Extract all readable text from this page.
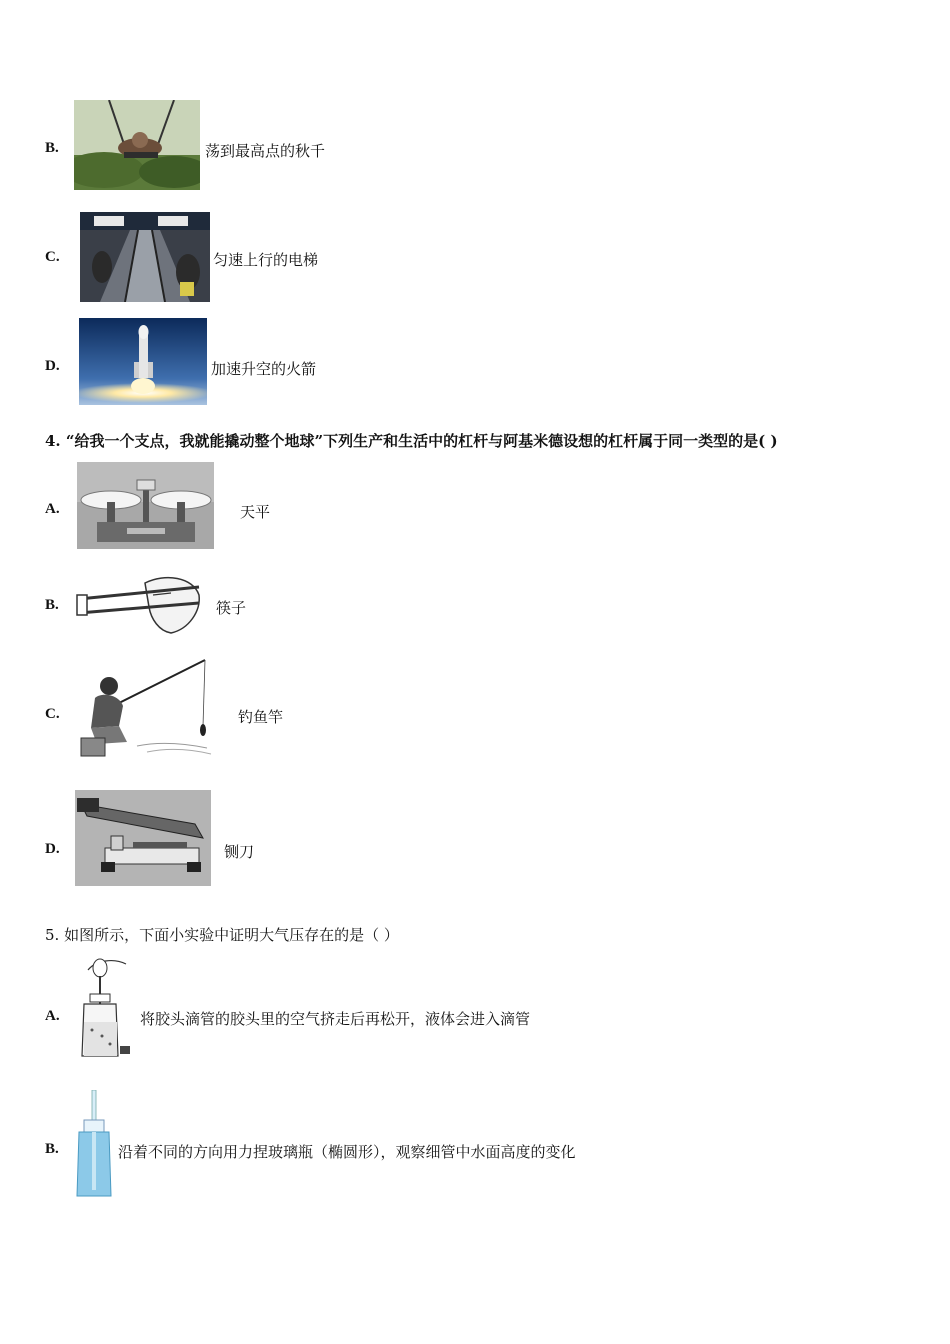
B.	荡到最高点的秋千
C.	匀速上行的电梯
D.	加速升空的火箭
4. “给我一个支点，我就能撬动整个地球”下列生产和生活中的杠杆与阿基米德设想的杠杆属于同一类型的是( )
A.	天平
B.	筷子
C.	钓鱼竿
D.	铡刀
5. 如图所示，下面小实验中证明大气压存在的是（ ）
A.	将胶头滴管的胶头里的空气挤走后再松开，液体会进入滴管
B.	沿着不同的方向用力捏玻璃瓶（椭圆形），观察细管中水面高度的变化
